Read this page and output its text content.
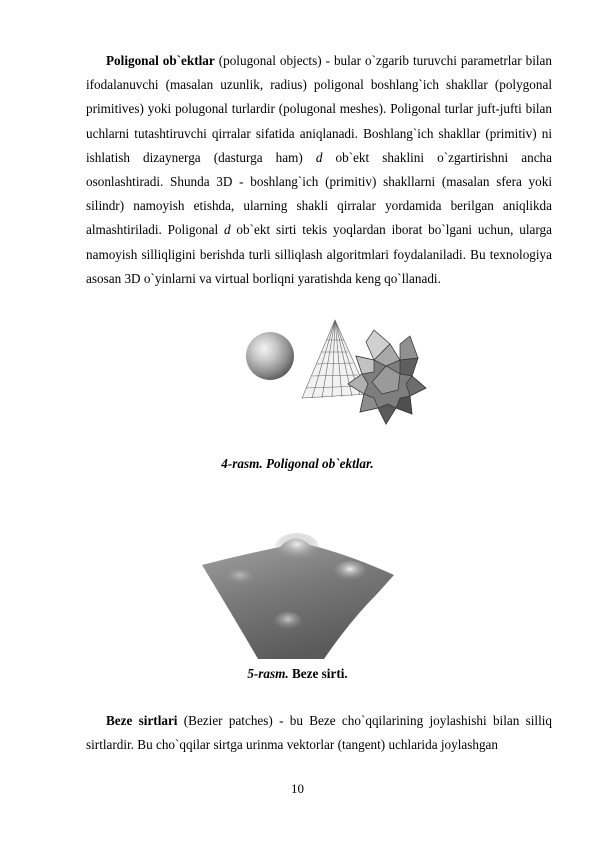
Poligonal ob`ektlar (polugonal objects) - bular o`zgarib turuvchi parametrlar bilan ifodalanuvchi (masalan uzunlik, radius) poligonal boshlang`ich shakllar (polygonal primitives) yoki polugonal turlardir (polugonal meshes). Poligonal turlar juft-jufti bilan uchlarni tutashtiruvchi qirralar sifatida aniqlanadi. Boshlang`ich shakllar (primitiv) ni ishlatish dizaynerga (dasturga ham) d ob`ekt shaklini o`zgartirishni ancha osonlashtiradi. Shunda 3D - boshlang`ich (primitiv) shakllarni (masalan sfera yoki silindr) namoyish etishda, ularning shakli qirralar yordamida berilgan aniqlikda almashtiriladi. Poligonal d ob`ekt sirti tekis yoqlardan iborat bo`lgani uchun, ularga namoyish silliqligini berishda turli silliqlash algoritmlari foydalaniladi. Bu texnologiya asosan 3D o`yinlarni va virtual borliqni yaratishda keng qo`llanadi.

4-rasm. Poligonal ob`ektlar.
5-rasm. Beze sirti.

Beze sirtlari (Bezier patches) - bu Beze cho`qqilarining joylashishi bilan silliq sirtlardir. Bu cho`qqilar sirtga urinma vektorlar (tangent) uchlarida joylashgan

10
